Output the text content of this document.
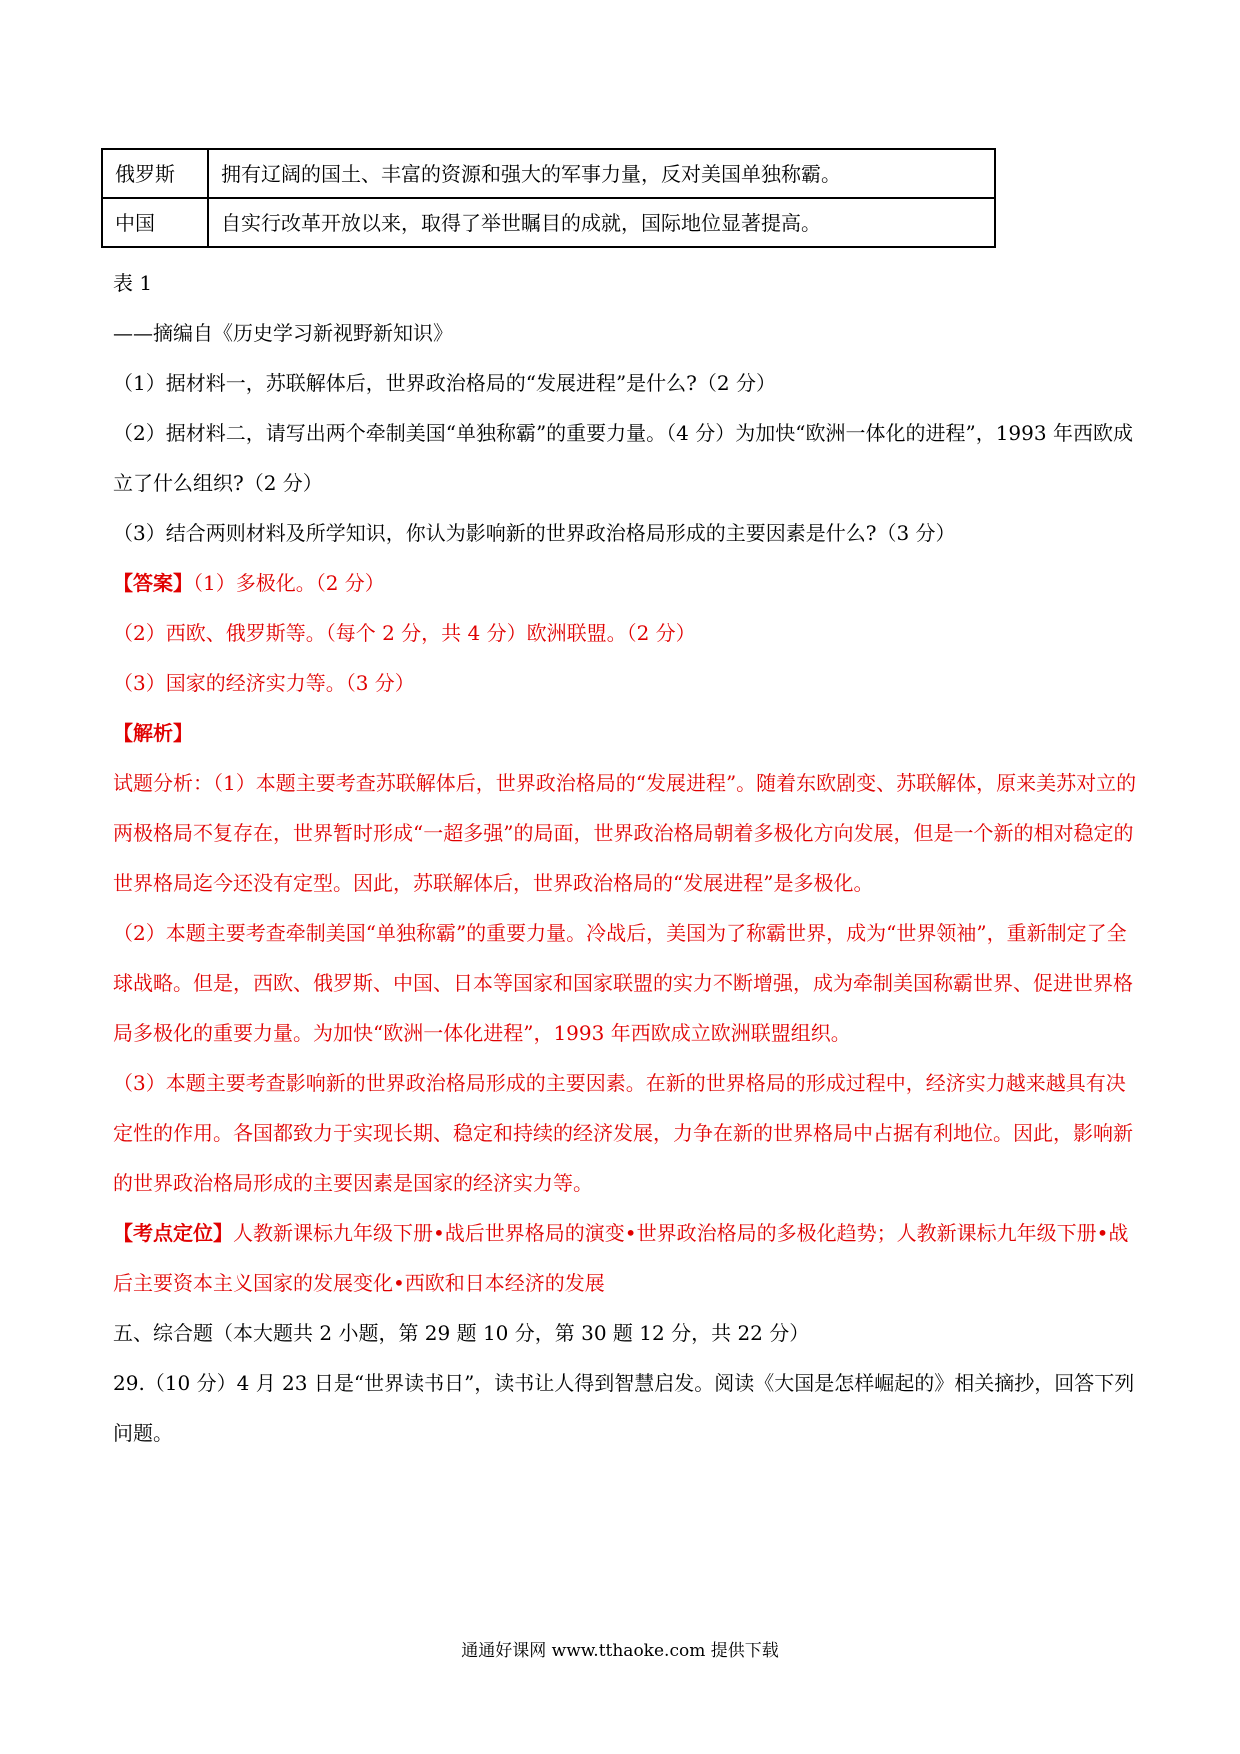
俄罗斯	拥有辽阔的国土、丰富的资源和强大的军事力量，反对美国单独称霸。
中国	自实行改革开放以来，取得了举世瞩目的成就，国际地位显著提高。

表 1

——摘编自《历史学习新视野新知识》

（1）据材料一，苏联解体后，世界政治格局的“发展进程”是什么?（2 分）

（2）据材料二，请写出两个牵制美国“单独称霸”的重要力量。（4 分）为加快“欧洲一体化的进程”，1993 年西欧成立了什么组织?（2 分）

（3）结合两则材料及所学知识，你认为影响新的世界政治格局形成的主要因素是什么?（3 分）

【答案】（1）多极化。（2 分）

（2）西欧、俄罗斯等。（每个 2 分，共 4 分）欧洲联盟。（2 分）

（3）国家的经济实力等。（3 分）

【解析】

试题分析：（1）本题主要考查苏联解体后，世界政治格局的“发展进程”。随着东欧剧变、苏联解体，原来美苏对立的两极格局不复存在，世界暂时形成“一超多强”的局面，世界政治格局朝着多极化方向发展，但是一个新的相对稳定的世界格局迄今还没有定型。因此，苏联解体后，世界政治格局的“发展进程”是多极化。

（2）本题主要考查牵制美国“单独称霸”的重要力量。冷战后，美国为了称霸世界，成为“世界领袖”，重新制定了全球战略。但是，西欧、俄罗斯、中国、日本等国家和国家联盟的实力不断增强，成为牵制美国称霸世界、促进世界格局多极化的重要力量。为加快“欧洲一体化进程”，1993 年西欧成立欧洲联盟组织。

（3）本题主要考查影响新的世界政治格局形成的主要因素。在新的世界格局的形成过程中，经济实力越来越具有决定性的作用。各国都致力于实现长期、稳定和持续的经济发展，力争在新的世界格局中占据有利地位。因此，影响新的世界政治格局形成的主要因素是国家的经济实力等。

【考点定位】人教新课标九年级下册•战后世界格局的演变•世界政治格局的多极化趋势；人教新课标九年级下册•战后主要资本主义国家的发展变化•西欧和日本经济的发展

五、综合题（本大题共 2 小题，第 29 题 10 分，第 30 题 12 分，共 22 分）

29.（10 分）4 月 23 日是“世界读书日”，读书让人得到智慧启发。阅读《大国是怎样崛起的》相关摘抄，回答下列问题。

通通好课网 www.tthaoke.com 提供下载
